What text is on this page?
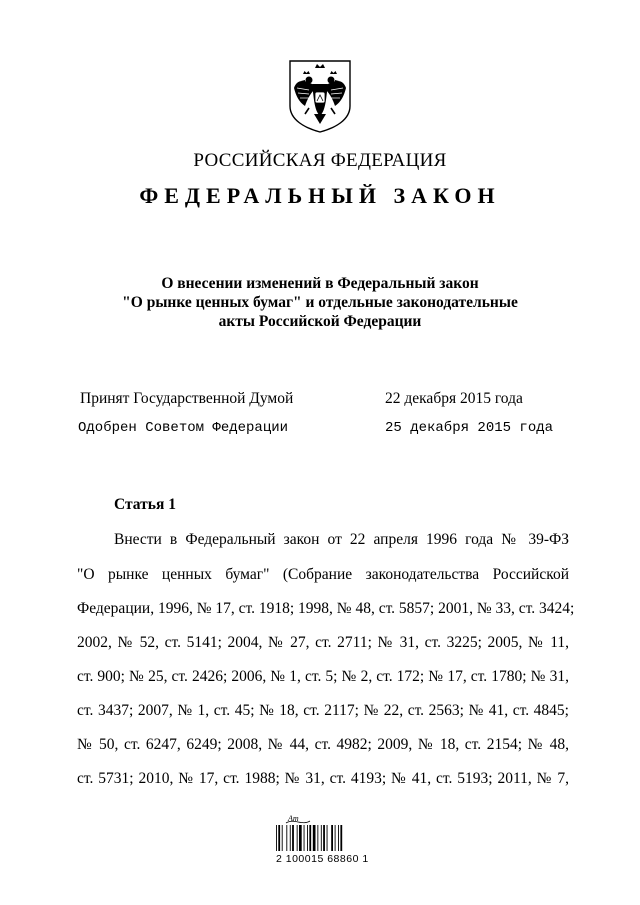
РОССИЙСКАЯ ФЕДЕРАЦИЯ
ФЕДЕРАЛЬНЫЙ ЗАКОН
О внесении изменений в Федеральный закон
"О рынке ценных бумаг" и отдельные законодательные
акты Российской Федерации
Принят Государственной Думой	22 декабря 2015 года
Одобрен Советом Федерации	25 декабря 2015 года
Статья 1
Внести в Федеральный закон от 22 апреля 1996 года № 39-ФЗ
"О рынке ценных бумаг" (Собрание законодательства Российской
Федерации, 1996, № 17, ст. 1918; 1998, № 48, ст. 5857; 2001, № 33, ст. 3424;
2002, № 52, ст. 5141; 2004, № 27, ст. 2711; № 31, ст. 3225; 2005, № 11,
ст. 900; № 25, ст. 2426; 2006, № 1, ст. 5; № 2, ст. 172; № 17, ст. 1780; № 31,
ст. 3437; 2007, № 1, ст. 45; № 18, ст. 2117; № 22, ст. 2563; № 41, ст. 4845;
№ 50, ст. 6247, 6249; 2008, № 44, ст. 4982; 2009, № 18, ст. 2154; № 48,
ст. 5731; 2010, № 17, ст. 1988; № 31, ст. 4193; № 41, ст. 5193; 2011, № 7,
Ат
2 100015 68860 1
